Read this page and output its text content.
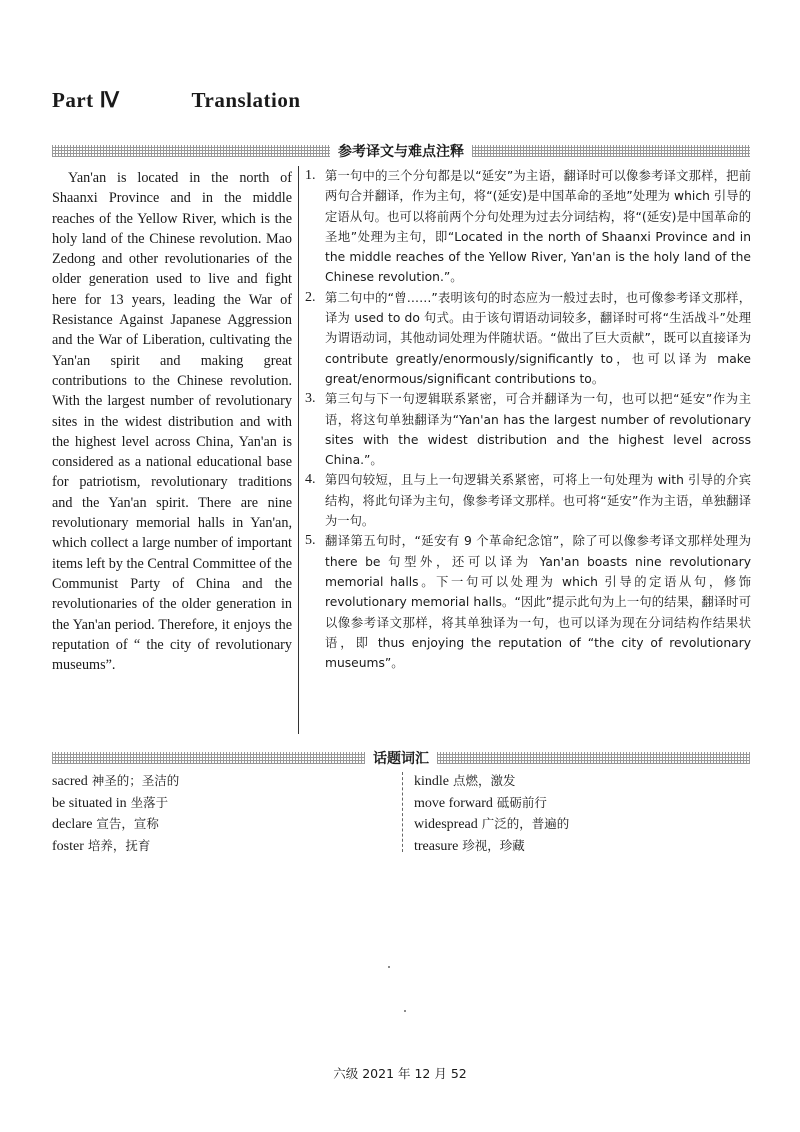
Part Ⅳ	Translation
参考译文与难点注释
Yan'an is located in the north of Shaanxi Province and in the middle reaches of the Yellow River, which is the holy land of the Chinese revolution. Mao Zedong and other revolutionaries of the older generation used to live and fight here for 13 years, leading the War of Resistance Against Japanese Aggression and the War of Liberation, cultivating the Yan'an spirit and making great contributions to the Chinese revolution. With the largest number of revolutionary sites in the widest distribution and with the highest level across China, Yan'an is considered as a national educational base for patriotism, revolutionary traditions and the Yan'an spirit. There are nine revolutionary memorial halls in Yan'an, which collect a large number of important items left by the Central Committee of the Communist Party of China and the revolutionaries of the older generation in the Yan'an period. Therefore, it enjoys the reputation of “ the city of revolutionary museums”.
1. 第一句中的三个分句都是以“延安”为主语，翻译时可以像参考译文那样，把前两句合并翻译，作为主句，将“(延安)是中国革命的圣地”处理为 which 引导的定语从句。也可以将前两个分句处理为过去分词结构，将“(延安)是中国革命的圣地”处理为主句，即“Located in the north of Shaanxi Province and in the middle reaches of the Yellow River, Yan'an is the holy land of the Chinese revolution.”。
2. 第二句中的“曾……”表明该句的时态应为一般过去时，也可像参考译文那样，译为 used to do 句式。由于该句谓语动词较多，翻译时可将“生活战斗”处理为谓语动词，其他动词处理为伴随状语。“做出了巨大贡献”，既可以直接译为 contribute greatly/enormously/significantly to，也可以译为 make great/enormous/significant contributions to。
3. 第三句与下一句逻辑联系紧密，可合并翻译为一句，也可以把“延安”作为主语，将这句单独翻译为“Yan'an has the largest number of revolutionary sites with the widest distribution and the highest level across China.”。
4. 第四句较短，且与上一句逻辑关系紧密，可将上一句处理为 with 引导的介宾结构，将此句译为主句，像参考译文那样。也可将“延安”作为主语，单独翻译为一句。
5. 翻译第五句时，“延安有 9 个革命纪念馆”，除了可以像参考译文那样处理为 there be 句型外，还可以译为 Yan'an boasts nine revolutionary memorial halls。下一句可以处理为 which 引导的定语从句，修饰 revolutionary memorial halls。“因此”提示此句为上一句的结果，翻译时可以像参考译文那样，将其单独译为一句，也可以译为现在分词结构作结果状语，即 thus enjoying the reputation of “the city of revolutionary museums”。
话题词汇
sacred 神圣的；圣洁的
be situated in 坐落于
declare 宣告，宣称
foster 培养，抚育
kindle 点燃，激发
move forward 砥砺前行
widespread 广泛的，普遍的
treasure 珍视，珍藏
六级 2021 年 12 月 52
